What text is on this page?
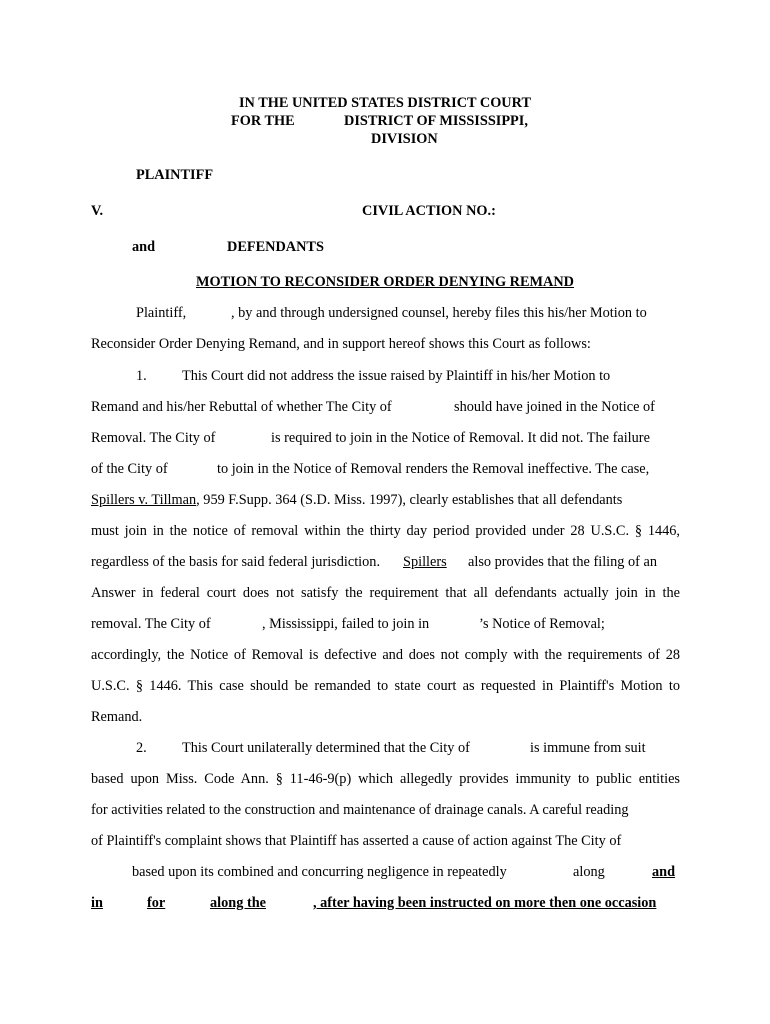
IN THE UNITED STATES DISTRICT COURT
FOR THE	DISTRICT OF MISSISSIPPI,
DIVISION
PLAINTIFF
V.	CIVIL ACTION NO.:
and	DEFENDANTS
MOTION TO RECONSIDER ORDER DENYING REMAND
Plaintiff,	, by and through undersigned counsel, hereby files this his/her Motion to
Reconsider Order Denying Remand, and in support hereof shows this Court as follows:
1. This Court did not address the issue raised by Plaintiff in his/her Motion to
Remand and his/her Rebuttal of whether The City of	should have joined in the Notice of
Removal. The City of	is required to join in the Notice of Removal. It did not. The failure
of the City of	to join in the Notice of Removal renders the Removal ineffective. The case,
Spillers v. Tillman, 959 F.Supp. 364 (S.D. Miss. 1997), clearly establishes that all defendants
must join in the notice of removal within the thirty day period provided under 28 U.S.C. § 1446,
regardless of the basis for said federal jurisdiction. Spillers also provides that the filing of an
Answer in federal court does not satisfy the requirement that all defendants actually join in the
removal. The City of	, Mississippi, failed to join in	’s Notice of Removal;
accordingly, the Notice of Removal is defective and does not comply with the requirements of 28
U.S.C. § 1446. This case should be remanded to state court as requested in Plaintiff's Motion to
Remand.
2. This Court unilaterally determined that the City of	is immune from suit
based upon Miss. Code Ann. § 11-46-9(p) which allegedly provides immunity to public entities
for activities related to the construction and maintenance of drainage canals. A careful reading
of Plaintiff's complaint shows that Plaintiff has asserted a cause of action against The City of
based upon its combined and concurring negligence in repeatedly	along	and
in	for	along the	, after having been instructed on more then one occasion
